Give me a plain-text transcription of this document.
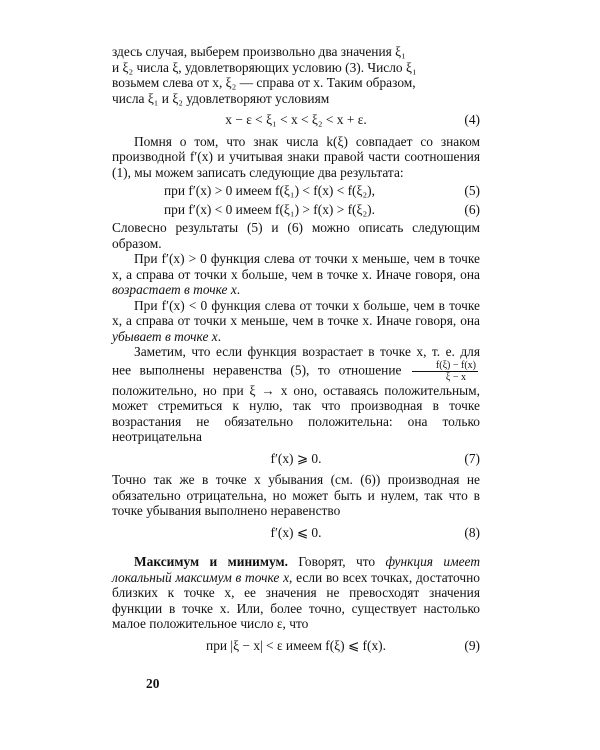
здесь случая, выберем произвольно два значения ξ₁

и ξ₂ числа ξ, удовлетворяющих условию (3). Число ξ₁

возьмем слева от x, ξ₂ — справа от x. Таким образом,

числа ξ₁ и ξ₂ удовлетворяют условиям

x − ε < ξ₁ < x < ξ₂ < x + ε.	(4)

Помня о том, что знак числа k(ξ) совпадает со знаком производной f′(x) и учитывая знаки правой части соотношения (1), мы можем записать следующие два результата:

при f′(x) > 0 имеем f(ξ₁) < f(x) < f(ξ₂),	(5)
при f′(x) < 0 имеем f(ξ₁) > f(x) > f(ξ₂).	(6)

Словесно результаты (5) и (6) можно описать следующим образом.

При f′(x) > 0 функция слева от точки x меньше, чем в точке x, а справа от точки x больше, чем в точке x. Иначе говоря, она возрастает в точке x.

При f′(x) < 0 функция слева от точки x больше, чем в точке x, а справа от точки x меньше, чем в точке x. Иначе говоря, она убывает в точке x.

Заметим, что если функция возрастает в точке x, т. е. для нее выполнены неравенства (5), то отношение $\frac{f(\xi) - f(x)}{\xi - x}$
положительно, но при ξ → x оно, оставаясь положительным, может стремиться к нулю, так что производная в точке возрастания не обязательно положительна: она только неотрицательна

f′(x) ⩾ 0.	(7)

Точно так же в точке x убывания (см. (6)) производная не обязательно отрицательна, но может быть и нулем, так что в точке убывания выполнено неравенство

f′(x) ⩽ 0.	(8)

Максимум и минимум. Говорят, что функция имеет локальный максимум в точке x, если во всех точках, достаточно близких к точке x, ее значения не превосходят значения функции в точке x. Или, более точно, существует настолько малое положительное число ε, что

при |ξ − x| < ε имеем f(ξ) ⩽ f(x).	(9)
20
